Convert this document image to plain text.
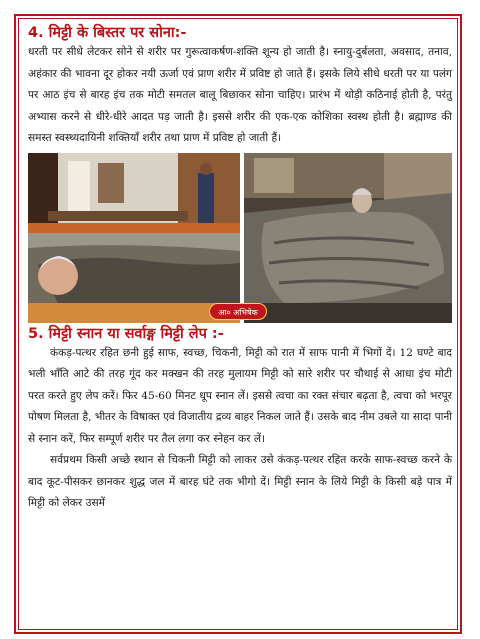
4. मिट्टी के बिस्तर पर सोना:-

धरती पर सीधे लेटकर सोने से शरीर पर गुरूत्वाकर्षण-शक्ति शून्य हो जाती है। स्नायु-दुर्बलता, अवसाद, तनाव, अहंकार की भावना दूर होकर नयी ऊर्जा एवं प्राण शरीर में प्रविष्ट हो जाते हैं। इसके लिये सीधे धरती पर या पलंग पर आठ इंच से बारह इंच तक मोटी समतल बालू बिछाकर सोना चाहिए। प्रारंभ में थोड़ी कठिनाई होती है, परंतु अभ्यास करने से धीरे-धीरे आदत पड़ जाती है। इससे शरीर की एक-एक कोशिका स्वस्थ होती है। ब्रह्माण्ड की समस्त स्वस्थ्यदायिनी शक्तियाँ शरीर तथा प्राण में प्रविष्ट हो जाती हैं।

आ० अभिषेक
5. मिट्टी स्नान या सर्वाङ्ग मिट्टी लेप :-

कंकड़-पत्थर रहित छनी हुई साफ, स्वच्छ, चिकनी, मिट्टी को रात में साफ पानी में भिगों दें। 12 घण्टे बाद भली भाँति आटे की तरह गूंद कर मक्खन की तरह मुलायम मिट्टी को सारे शरीर पर चौथाई से आधा इंच मोटी परत करते हुए लेप करें। फिर 45-60 मिनट धूप स्नान लें। इससे त्वचा का रक्त संचार बढ़ता है, त्वचा को भरपूर पोषण मिलता है, भीतर के विषाक्त एवं विजातीय द्रव्य बाहर निकल जाते हैं। उसके बाद नीम उबले या सादा पानी से स्नान करें, फिर सम्पूर्ण शरीर पर तैल लगा कर स्नेहन कर लें।

सर्वप्रथम किसी अच्छे स्थान से चिकनी मिट्टी को लाकर उसे कंकड़-पत्थर रहित करके साफ-स्वच्छ करने के बाद कूट-पीसकर छानकर शुद्ध जल में बारह घंटे तक भीगो दें। मिट्टी स्नान के लिये मिट्टी के किसी बड़े पात्र में मिट्टी को लेकर उसमें
